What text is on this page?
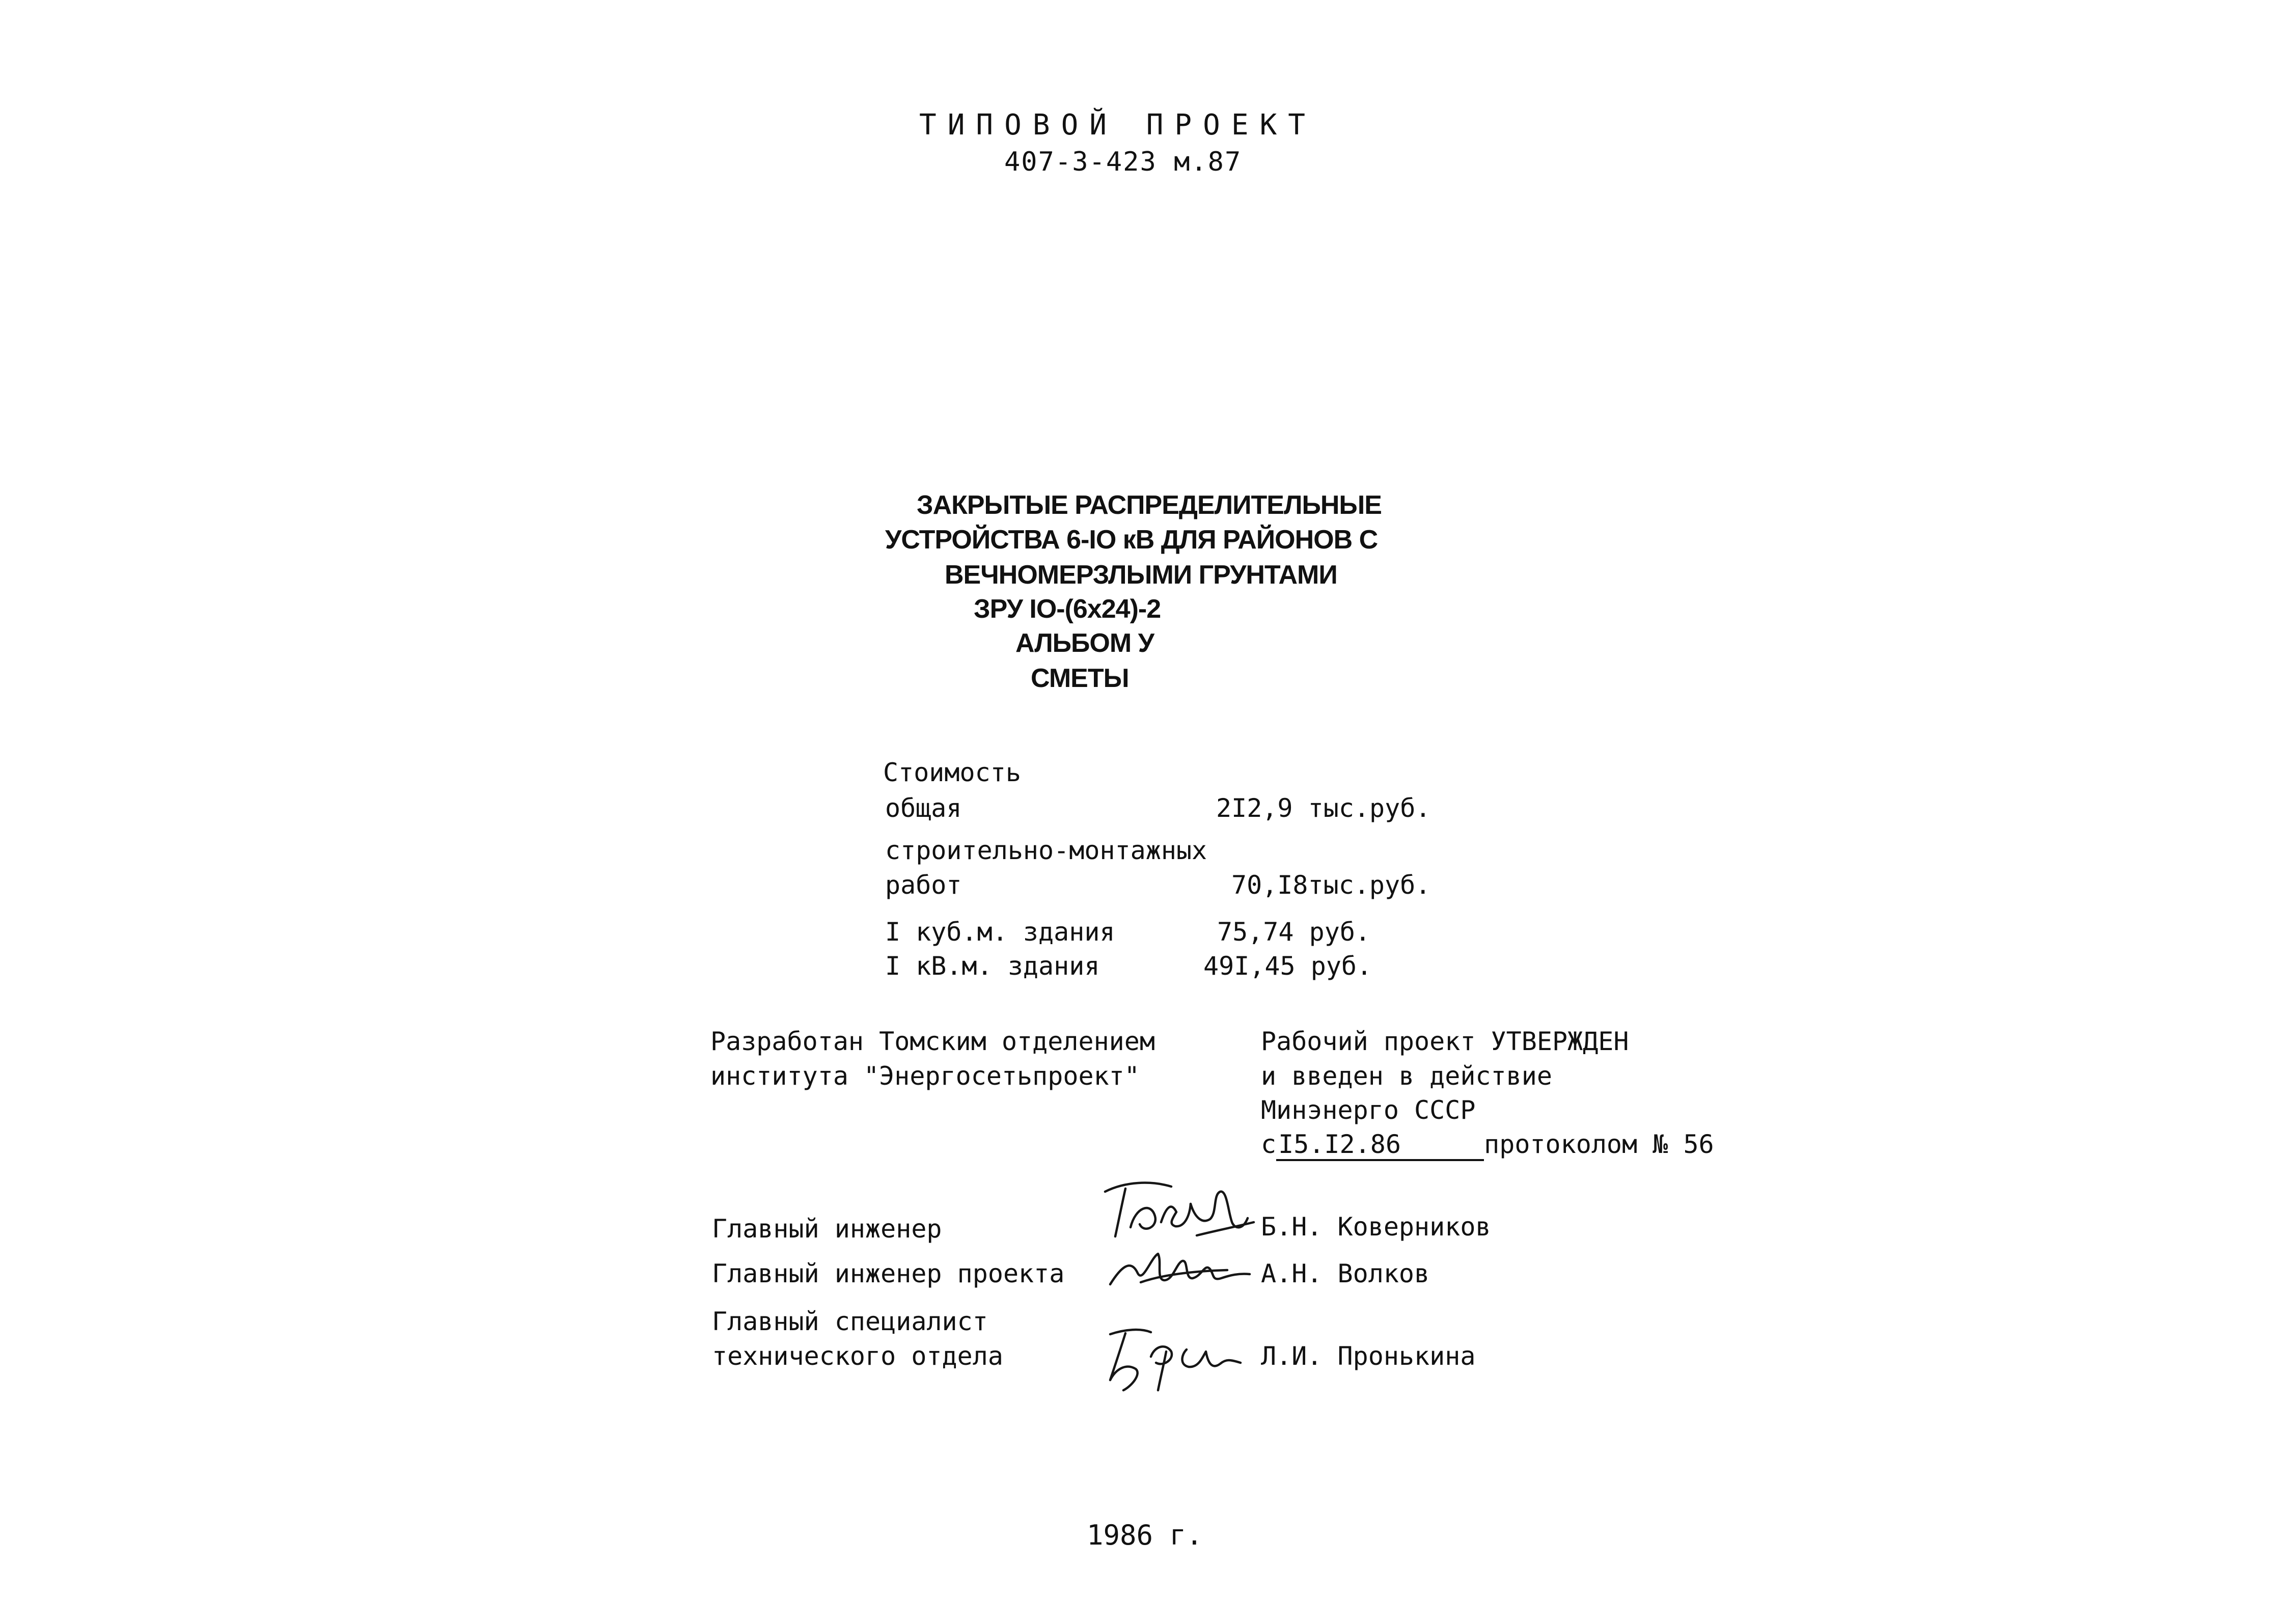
ТИПОВОЙ ПРОЕКТ
407-3-423 м.87
ЗАКРЫТЫЕ РАСПРЕДЕЛИТЕЛЬНЫЕ
УСТРОЙСТВА 6-IO кВ ДЛЯ РАЙОНОВ С
ВЕЧНОМЕРЗЛЫМИ ГРУНТАМИ
ЗРУ IO-(6х24)-2
АЛЬБОМ У
СМЕТЫ
Стоимость
общая	2I2,9 тыс.руб.
строительно-монтажных
работ	70,I8тыс.руб.
I куб.м. здания	75,74 руб.
I кВ.м. здания	49I,45 руб.
Разработан Томским отделением
института "Энергосетьпроект"
Рабочий проект УТВЕРЖДЕН
и введен в действие
Минэнерго СССР
сI5.I2.86	протоколом № 56
Главный инженер	Б.Н. Коверников
Главный инженер проекта	А.Н. Волков
Главный специалист
технического отдела	Л.И. Пронькина
1986 г.
